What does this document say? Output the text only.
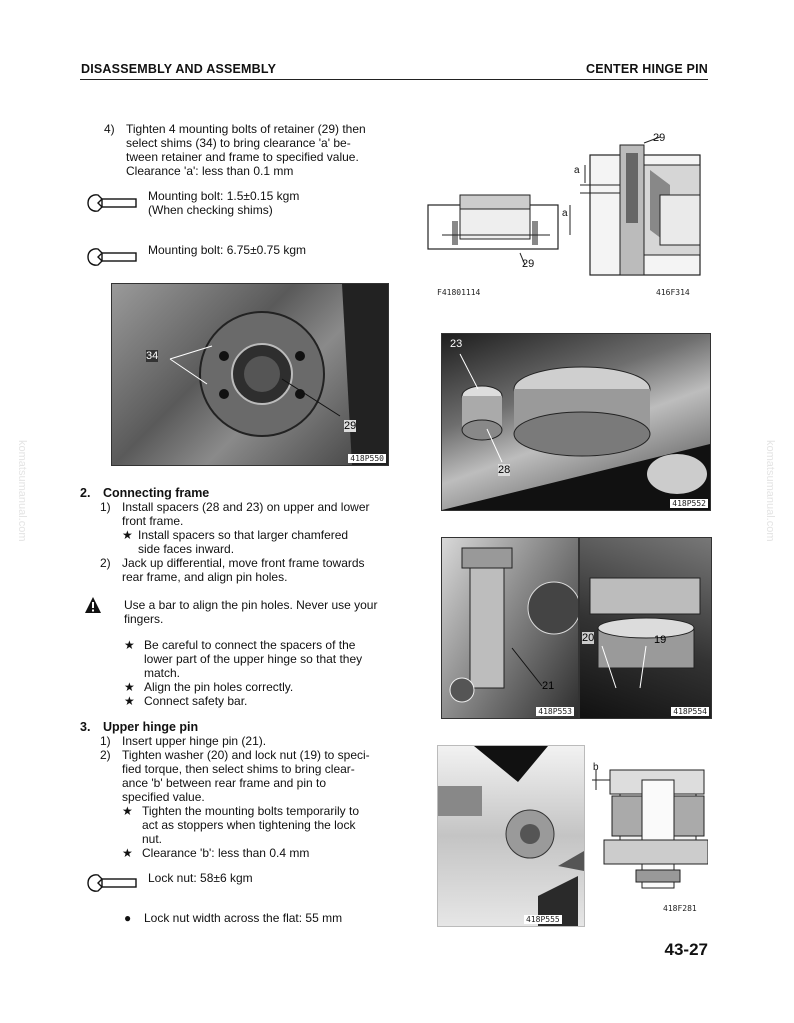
DISASSEMBLY AND ASSEMBLY	CENTER HINGE PIN
komatsumanual.com	komatsumanual.com
4) Tighten 4 mounting bolts of retainer (29) then
select shims (34) to bring clearance 'a' be-
tween retainer and frame to specified value.
Clearance 'a': less than 0.1 mm
Mounting bolt: 1.5±0.15 kgm
(When checking shims)
Mounting bolt: 6.75±0.75 kgm
34
29
418P550
2.	Connecting frame
1) Install spacers (28 and 23) on upper and lower
front frame.
★ Install spacers so that larger chamfered
side faces inward.
2) Jack up differential, move front frame towards
rear frame, and align pin holes.
Use a bar to align the pin holes. Never use your
fingers.
★ Be careful to connect the spacers of the
lower part of the upper hinge so that they
match.
★ Align the pin holes correctly.
★ Connect safety bar.
3.	Upper hinge pin
1) Insert upper hinge pin (21).
2) Tighten washer (20) and lock nut (19) to speci-
fied torque, then select shims to bring clear-
ance 'b' between rear frame and pin to
specified value.
★ Tighten the mounting bolts temporarily to
act as stoppers when tightening the lock
nut.
★ Clearance 'b': less than 0.4 mm
Lock nut: 58±6 kgm
● Lock nut width across the flat: 55 mm
29
29
a
a
F41801114	416F314
23
28
418P552
21
418P553
20	19
418P554
418P555
b
418F281
43-27
